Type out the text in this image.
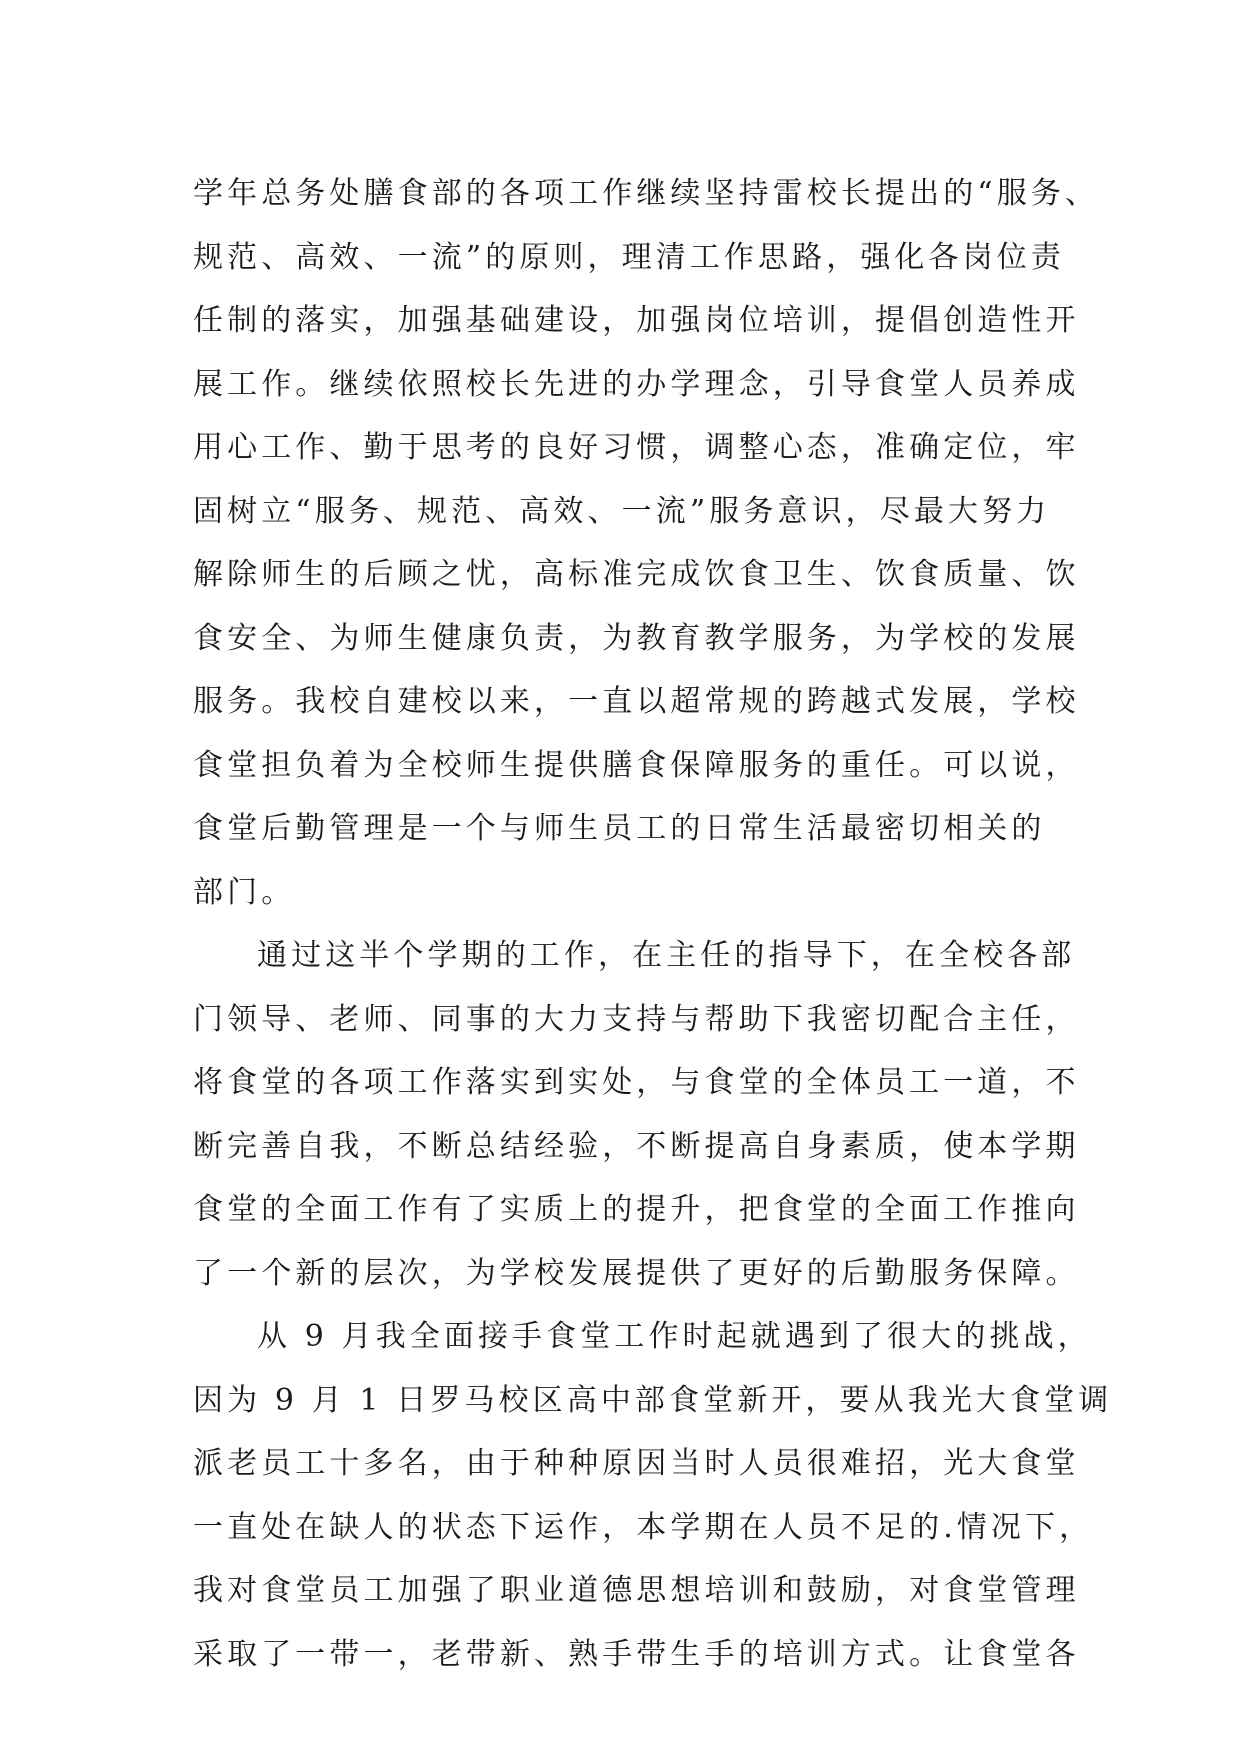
学年总务处膳食部的各项工作继续坚持雷校长提出的“服务、
规范、高效、一流”的原则，理清工作思路，强化各岗位责
任制的落实，加强基础建设，加强岗位培训，提倡创造性开
展工作。继续依照校长先进的办学理念，引导食堂人员养成
用心工作、勤于思考的良好习惯，调整心态，准确定位，牢
固树立“服务、规范、高效、一流”服务意识，尽最大努力
解除师生的后顾之忧，高标准完成饮食卫生、饮食质量、饮
食安全、为师生健康负责，为教育教学服务，为学校的发展
服务。我校自建校以来，一直以超常规的跨越式发展，学校
食堂担负着为全校师生提供膳食保障服务的重任。可以说，
食堂后勤管理是一个与师生员工的日常生活最密切相关的
部门。
通过这半个学期的工作，在主任的指导下，在全校各部
门领导、老师、同事的大力支持与帮助下我密切配合主任，
将食堂的各项工作落实到实处，与食堂的全体员工一道，不
断完善自我，不断总结经验，不断提高自身素质，使本学期
食堂的全面工作有了实质上的提升，把食堂的全面工作推向
了一个新的层次，为学校发展提供了更好的后勤服务保障。
从 9 月我全面接手食堂工作时起就遇到了很大的挑战，
因为 9 月 1 日罗马校区高中部食堂新开，要从我光大食堂调
派老员工十多名，由于种种原因当时人员很难招，光大食堂
一直处在缺人的状态下运作，本学期在人员不足的.情况下，
我对食堂员工加强了职业道德思想培训和鼓励，对食堂管理
采取了一带一，老带新、熟手带生手的培训方式。让食堂各
